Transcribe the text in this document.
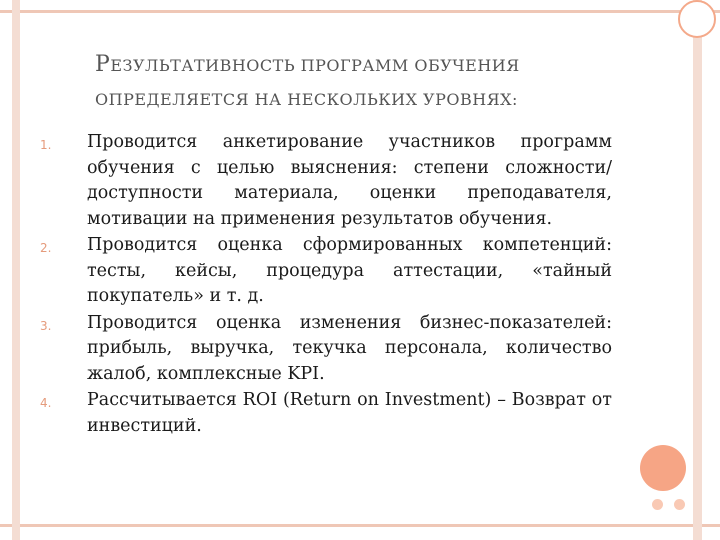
РЕЗУЛЬТАТИВНОСТЬ ПРОГРАММ ОБУЧЕНИЯ
ОПРЕДЕЛЯЕТСЯ НА НЕСКОЛЬКИХ УРОВНЯХ:
1. Проводится анкетирование участников программ обучения с целью выяснения: степени сложности/доступности материала, оценки преподавателя, мотивации на применения результатов обучения.
2. Проводится оценка сформированных компетенций: тесты, кейсы, процедура аттестации, «тайный покупатель» и т. д.
3. Проводится оценка изменения бизнес-показателей: прибыль, выручка, текучка персонала, количество жалоб, комплексные KPI.
4. Рассчитывается ROI (Return on Investment) – Возврат от инвестиций.
